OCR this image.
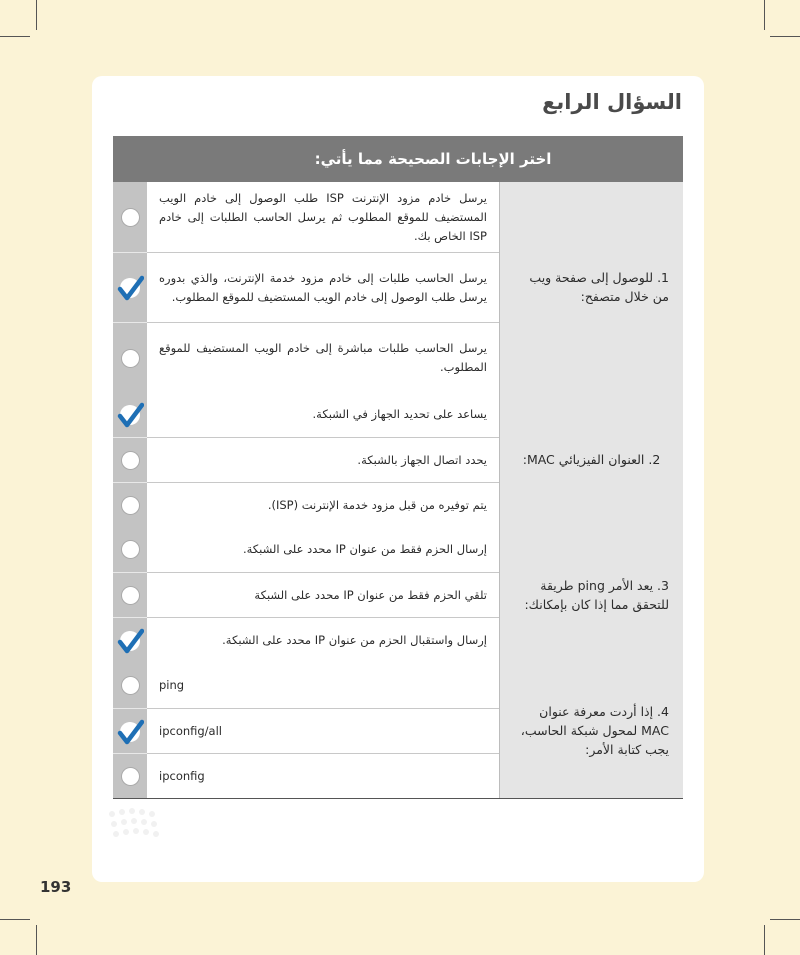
السؤال الرابع
اختر الإجابات الصحيحة مما يأتي:
يرسل خادم مزود الإنترنت ISP طلب الوصول إلى خادم الويب المستضيف للموقع المطلوب ثم يرسل الحاسب الطلبات إلى خادم ISP الخاص بك.
يرسل الحاسب طلبات إلى خادم مزود خدمة الإنترنت، والذي بدوره يرسل طلب الوصول إلى خادم الويب المستضيف للموقع المطلوب.
يرسل الحاسب طلبات مباشرة إلى خادم الويب المستضيف للموقع المطلوب.
1. للوصول إلى صفحة ويب من خلال متصفح:
يساعد على تحديد الجهاز في الشبكة.
يحدد اتصال الجهاز بالشبكة.
يتم توفيره من قبل مزود خدمة الإنترنت (ISP).
2. العنوان الفيزيائي MAC:
إرسال الحزم فقط من عنوان IP محدد على الشبكة.
تلقي الحزم فقط من عنوان IP محدد على الشبكة
إرسال واستقبال الحزم من عنوان IP محدد على الشبكة.
3. يعد الأمر ping طريقة للتحقق مما إذا كان بإمكانك:
ping
ipconfig/all
ipconfig
4. إذا أردت معرفة عنوان MAC لمحول شبكة الحاسب، يجب كتابة الأمر:
193
